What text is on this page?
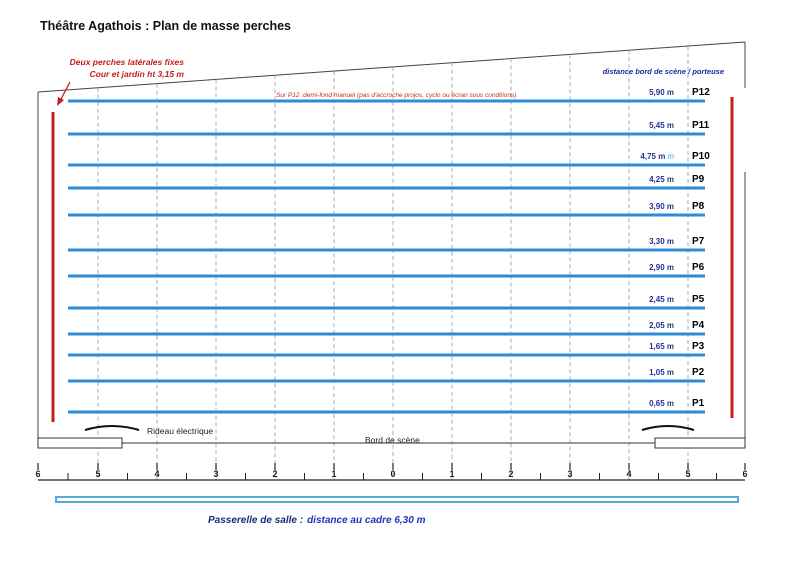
Théâtre Agathois : Plan de masse perches
Deux perches latérales fixes
Cour et jardin ht 3,15 m	distance bord de scène / porteuse
Sur P12 :demi-fond manuel (pas d'accroche projos, cyclo ou écran sous conditions)	5,90 m P12
5,45 m P11
4,75 m m P10
4,25 m P9
3,90 m P8
3,30 m P7
2,90 m P6
2,45 m P5
2,05 m P4
1,65 m P3
1,05 m P2
0,65 m P1
Rideau électrique
Bord de scène
6	5	4	3	2	1	0	1	2	3	4	5	6
Passerelle de salle : distance au cadre 6,30 m
